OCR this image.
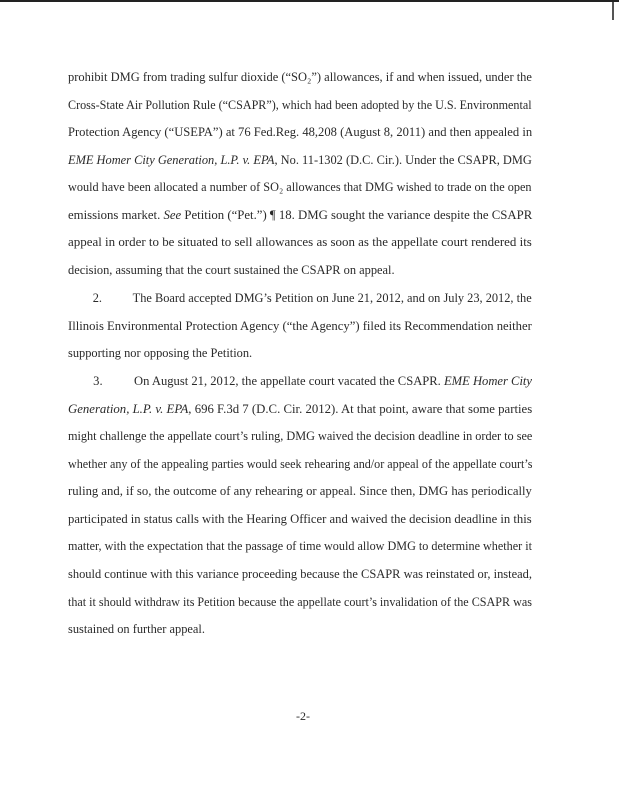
prohibit DMG from trading sulfur dioxide (“SO₂”) allowances, if and when issued, under the
Cross-State Air Pollution Rule (“CSAPR”), which had been adopted by the U.S. Environmental
Protection Agency (“USEPA”) at 76 Fed.Reg. 48,208 (August 8, 2011) and then appealed in
EME Homer City Generation, L.P. v. EPA, No. 11-1302 (D.C. Cir.). Under the CSAPR, DMG
would have been allocated a number of SO₂ allowances that DMG wished to trade on the open
emissions market. See Petition (“Pet.”) ¶ 18. DMG sought the variance despite the CSAPR
appeal in order to be situated to sell allowances as soon as the appellate court rendered its
decision, assuming that the court sustained the CSAPR on appeal.
2.          The Board accepted DMG’s Petition on June 21, 2012, and on July 23, 2012, the
Illinois Environmental Protection Agency (“the Agency”) filed its Recommendation neither
supporting nor opposing the Petition.
3.          On August 21, 2012, the appellate court vacated the CSAPR. EME Homer City
Generation, L.P. v. EPA, 696 F.3d 7 (D.C. Cir. 2012). At that point, aware that some parties
might challenge the appellate court’s ruling, DMG waived the decision deadline in order to see
whether any of the appealing parties would seek rehearing and/or appeal of the appellate court’s
ruling and, if so, the outcome of any rehearing or appeal. Since then, DMG has periodically
participated in status calls with the Hearing Officer and waived the decision deadline in this
matter, with the expectation that the passage of time would allow DMG to determine whether it
should continue with this variance proceeding because the CSAPR was reinstated or, instead,
that it should withdraw its Petition because the appellate court’s invalidation of the CSAPR was
sustained on further appeal.
-2-
